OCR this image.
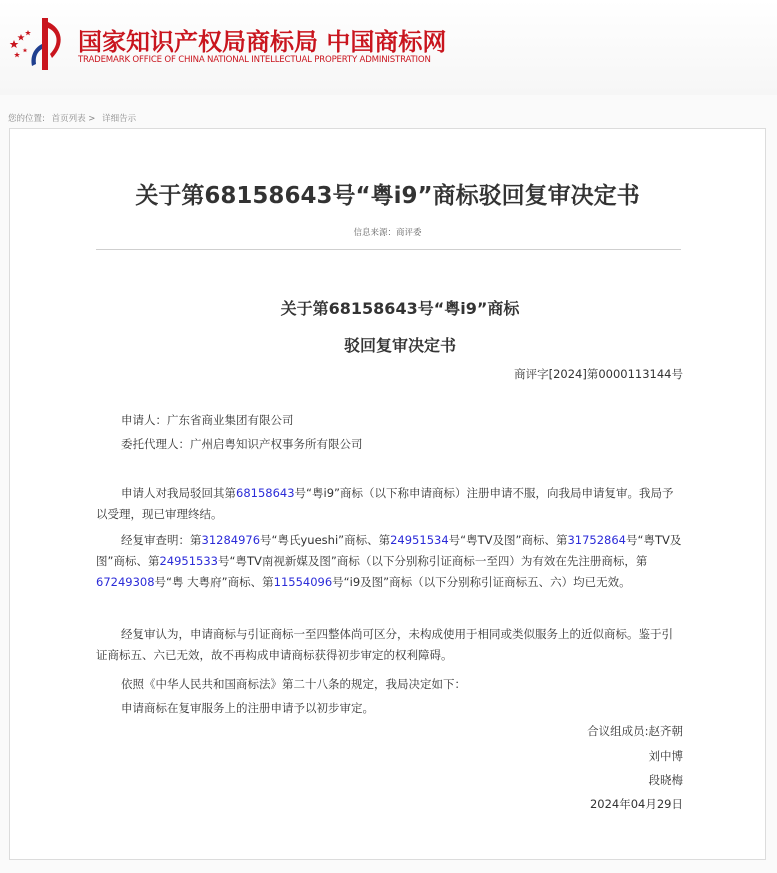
国家知识产权局商标局 中国商标网
TRADEMARK OFFICE OF CHINA NATIONAL INTELLECTUAL PROPERTY ADMINISTRATION
您的位置: 首页列表 > 详细告示
关于第68158643号“粤i9”商标驳回复审决定书
信息来源：商评委
关于第68158643号“粤i9”商标
驳回复审决定书
商评字[2024]第0000113144号
申请人：广东省商业集团有限公司
委托代理人：广州启粤知识产权事务所有限公司
申请人对我局驳回其第68158643号“粤i9”商标（以下称申请商标）注册申请不服，向我局申请复审。我局予以受理，现已审理终结。
经复审查明：第31284976号“粤氏yueshi”商标、第24951534号“粤TV及图”商标、第31752864号“粤TV及图”商标、第24951533号“粤TV南视新媒及图”商标（以下分别称引证商标一至四）为有效在先注册商标，第67249308号“粤 大粤府”商标、第11554096号“i9及图”商标（以下分别称引证商标五、六）均已无效。
经复审认为，申请商标与引证商标一至四整体尚可区分，未构成使用于相同或类似服务上的近似商标。鉴于引证商标五、六已无效，故不再构成申请商标获得初步审定的权利障碍。
依照《中华人民共和国商标法》第二十八条的规定，我局决定如下：
申请商标在复审服务上的注册申请予以初步审定。
合议组成员:赵齐朝
刘中博
段晓梅
2024年04月29日
